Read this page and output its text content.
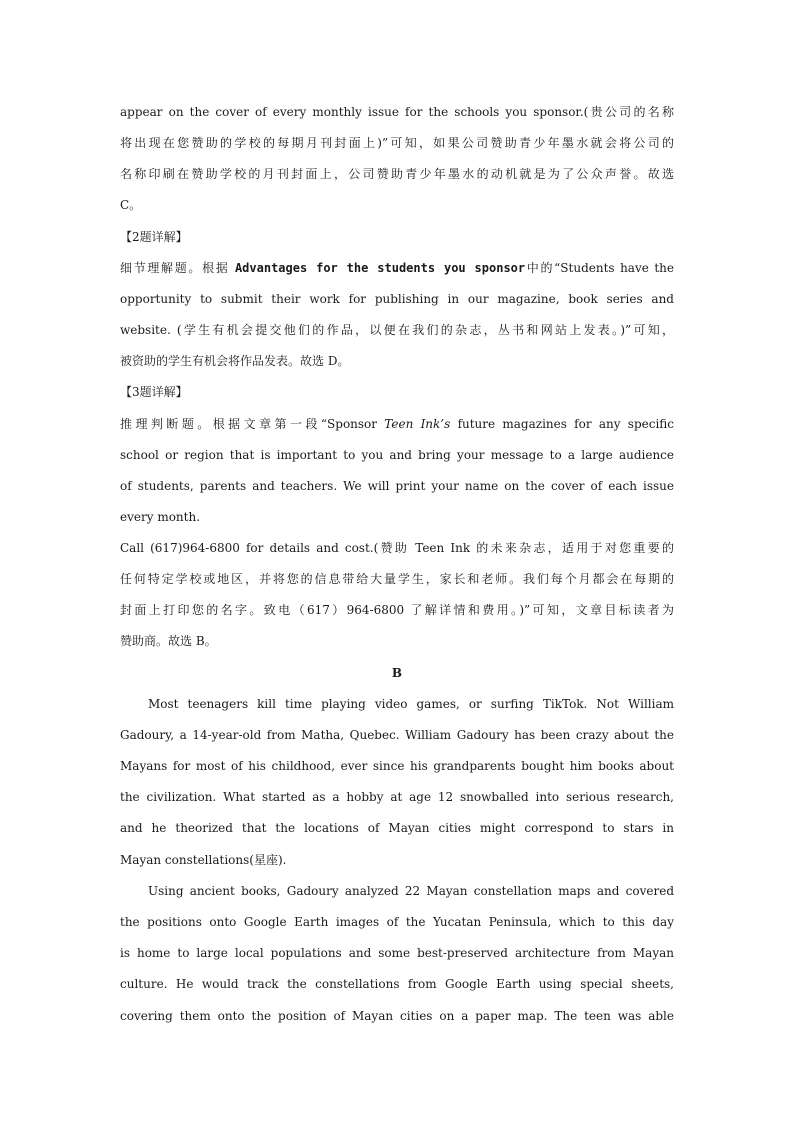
appear on the cover of every monthly issue for the schools you sponsor.(贵公司的名称
将出现在您赞助的学校的每期月刊封面上)”可知，如果公司赞助青少年墨水就会将公司的
名称印刷在赞助学校的月刊封面上，公司赞助青少年墨水的动机就是为了公众声誉。故选
C。
【2题详解】
细节理解题。根据 Advantages for the students you sponsor中的“Students have the
opportunity to submit their work for publishing in our magazine, book series and
website. (学生有机会提交他们的作品，以便在我们的杂志，丛书和网站上发表。)”可知，
被资助的学生有机会将作品发表。故选 D。
【3题详解】
推理判断题。根据文章第一段“Sponsor Teen Ink’s future magazines for any specific
school or region that is important to you and bring your message to a large audience
of students, parents and teachers. We will print your name on the cover of each issue
every month.
Call (617)964-6800 for details and cost.(赞助 Teen Ink 的未来杂志，适用于对您重要的
任何特定学校或地区，并将您的信息带给大量学生，家长和老师。我们每个月都会在每期的
封面上打印您的名字。致电（617）964-6800 了解详情和费用。)”可知，文章目标读者为
赞助商。故选 B。
B
Most teenagers kill time playing video games, or surfing TikTok. Not William
Gadoury, a 14-year-old from Matha, Quebec. William Gadoury has been crazy about the
Mayans for most of his childhood, ever since his grandparents bought him books about
the civilization. What started as a hobby at age 12 snowballed into serious research,
and he theorized that the locations of Mayan cities might correspond to stars in
Mayan constellations(星座).
Using ancient books, Gadoury analyzed 22 Mayan constellation maps and covered
the positions onto Google Earth images of the Yucatan Peninsula, which to this day
is home to large local populations and some best-preserved architecture from Mayan
culture. He would track the constellations from Google Earth using special sheets,
covering them onto the position of Mayan cities on a paper map. The teen was able
